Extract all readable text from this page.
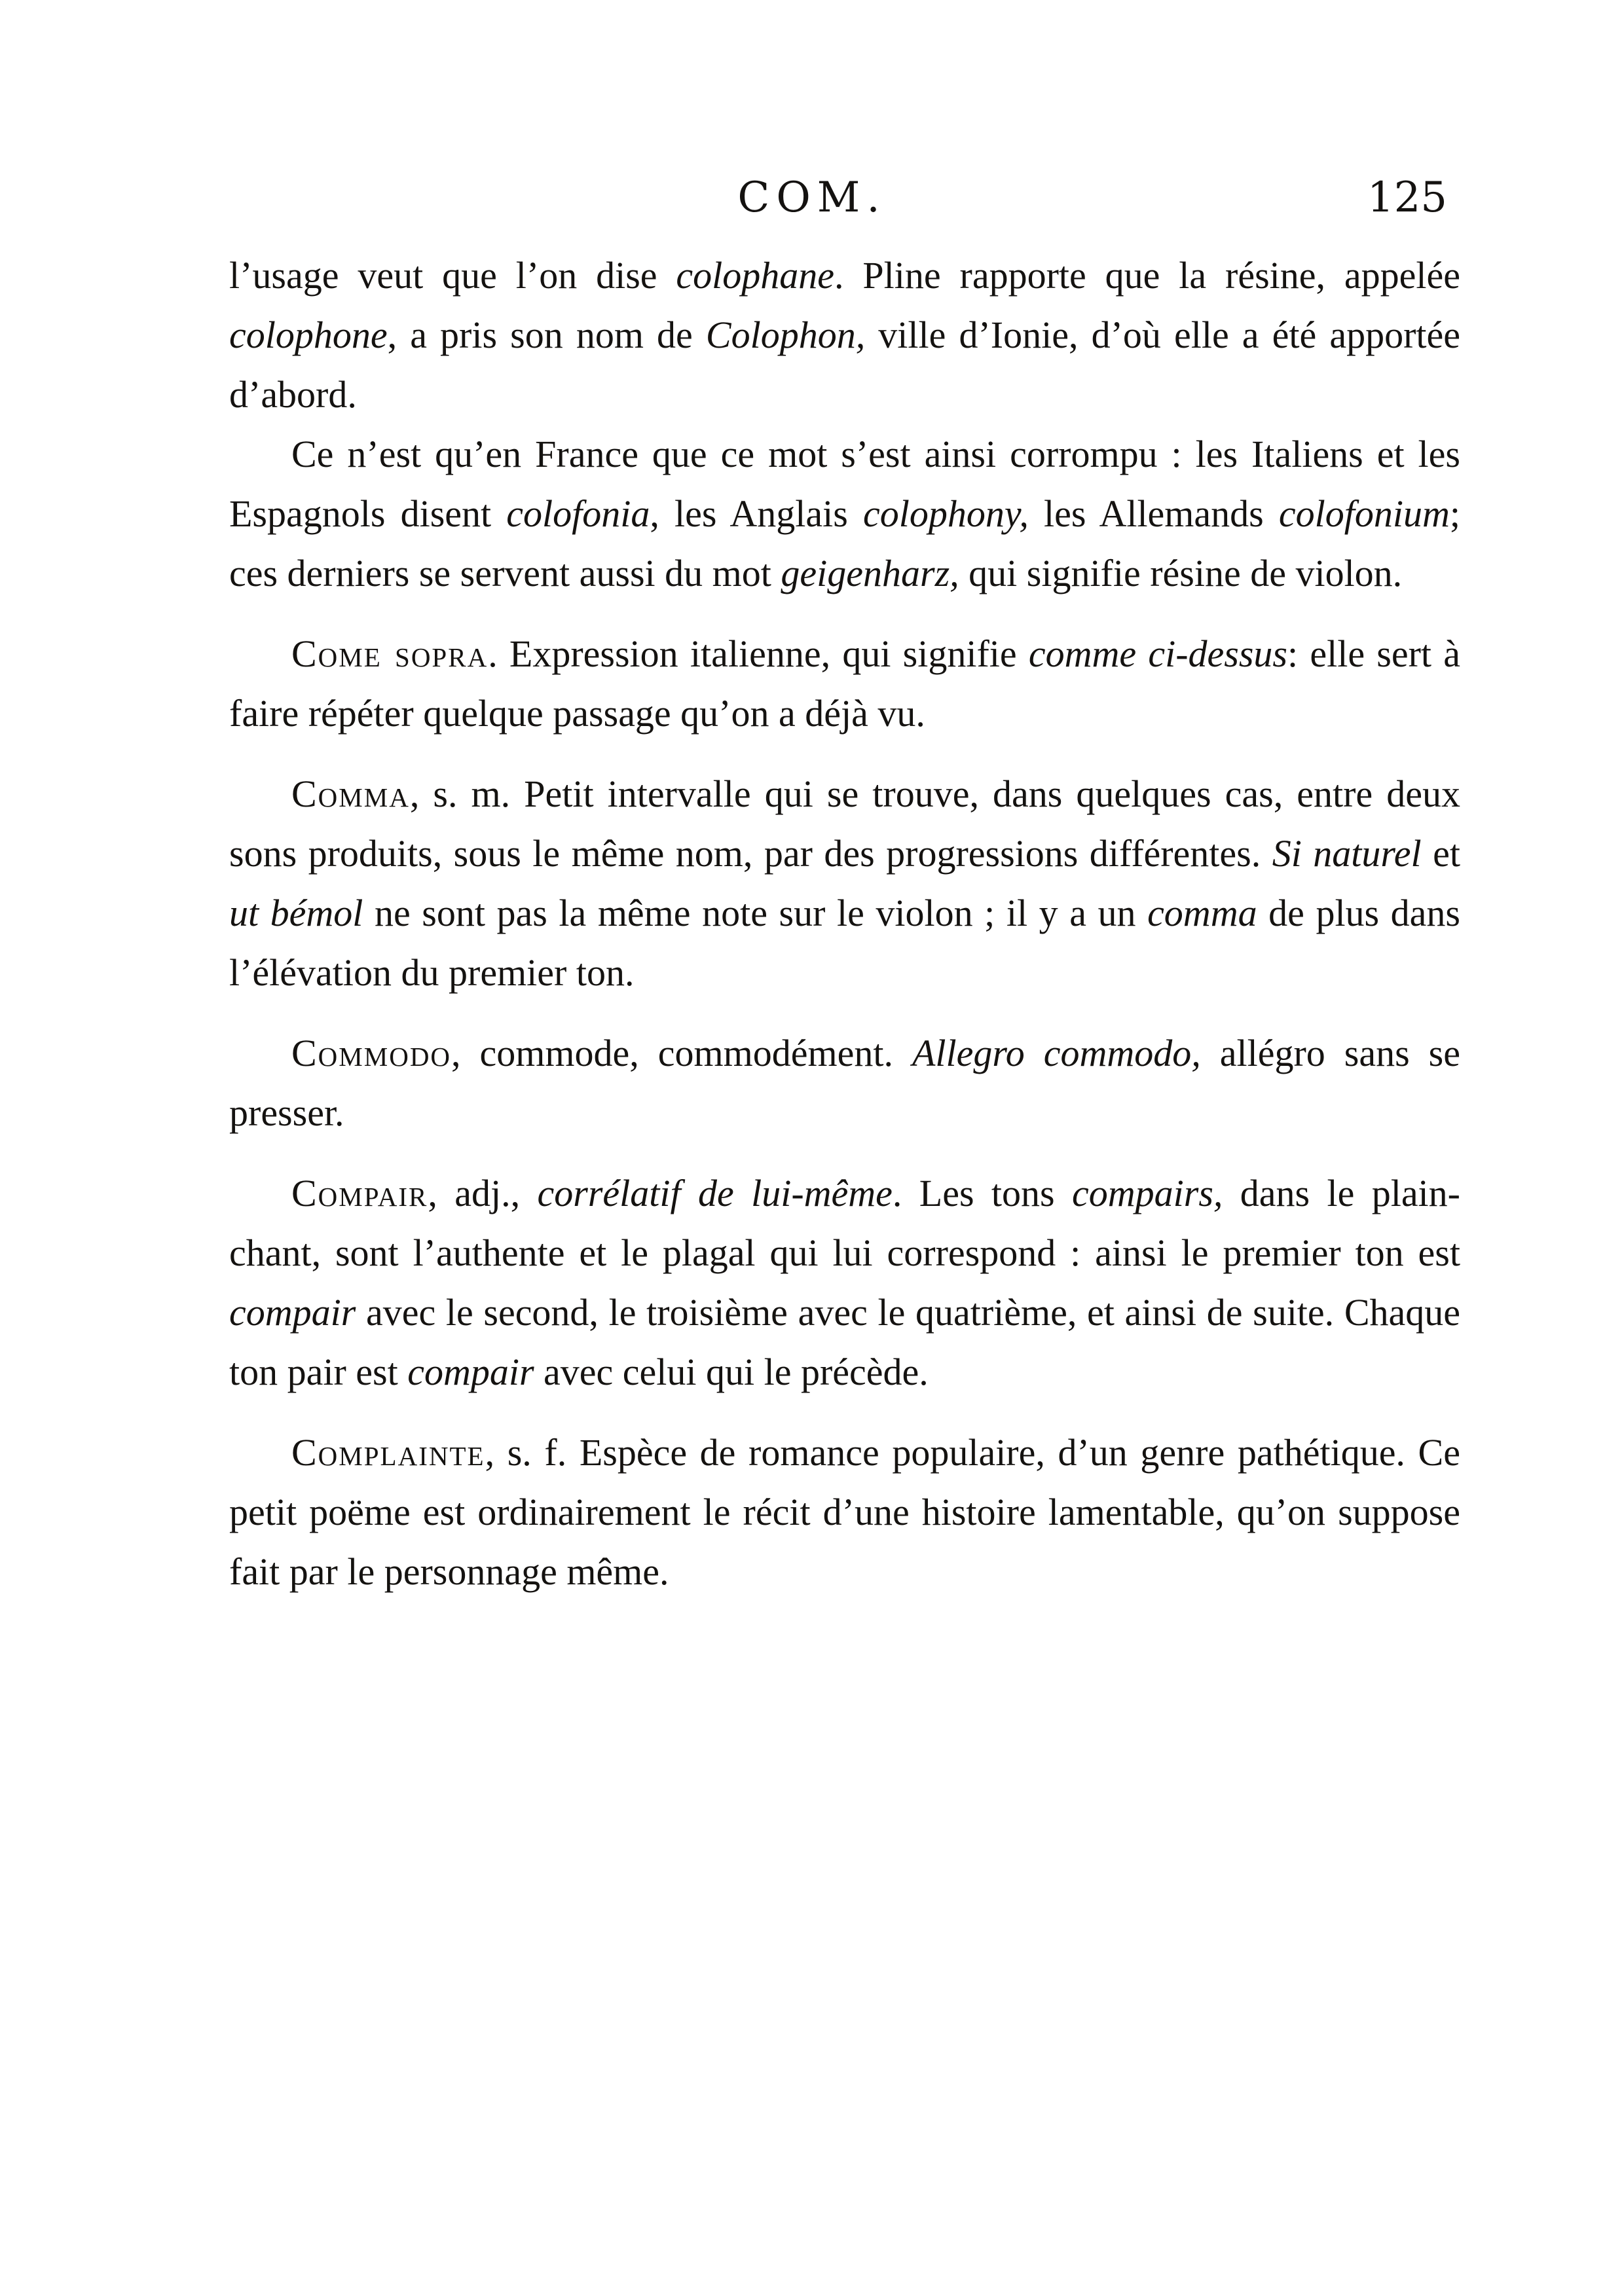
COM.	125

l’usage veut que l’on dise colophane. Pline rapporte que la résine, appelée colophone, a pris son nom de Colophon, ville d’Ionie, d’où elle a été apportée d’abord.

Ce n’est qu’en France que ce mot s’est ainsi corrompu : les Italiens et les Espagnols disent colofonia, les Anglais colophony, les Allemands colofonium; ces derniers se servent aussi du mot geigenharz, qui signifie résine de violon.

Come sopra. Expression italienne, qui signifie comme ci-dessus: elle sert à faire répéter quelque passage qu’on a déjà vu.

Comma, s. m. Petit intervalle qui se trouve, dans quelques cas, entre deux sons produits, sous le même nom, par des progressions différentes. Si naturel et ut bémol ne sont pas la même note sur le violon ; il y a un comma de plus dans l’élévation du premier ton.

Commodo, commode, commodément. Allegro commodo, allégro sans se presser.

Compair, adj., corrélatif de lui-même. Les tons compairs, dans le plain-chant, sont l’authente et le plagal qui lui correspond : ainsi le premier ton est compair avec le second, le troisième avec le quatrième, et ainsi de suite. Chaque ton pair est compair avec celui qui le précède.

Complainte, s. f. Espèce de romance populaire, d’un genre pathétique. Ce petit poëme est ordinairement le récit d’une histoire lamentable, qu’on suppose fait par le personnage même.
